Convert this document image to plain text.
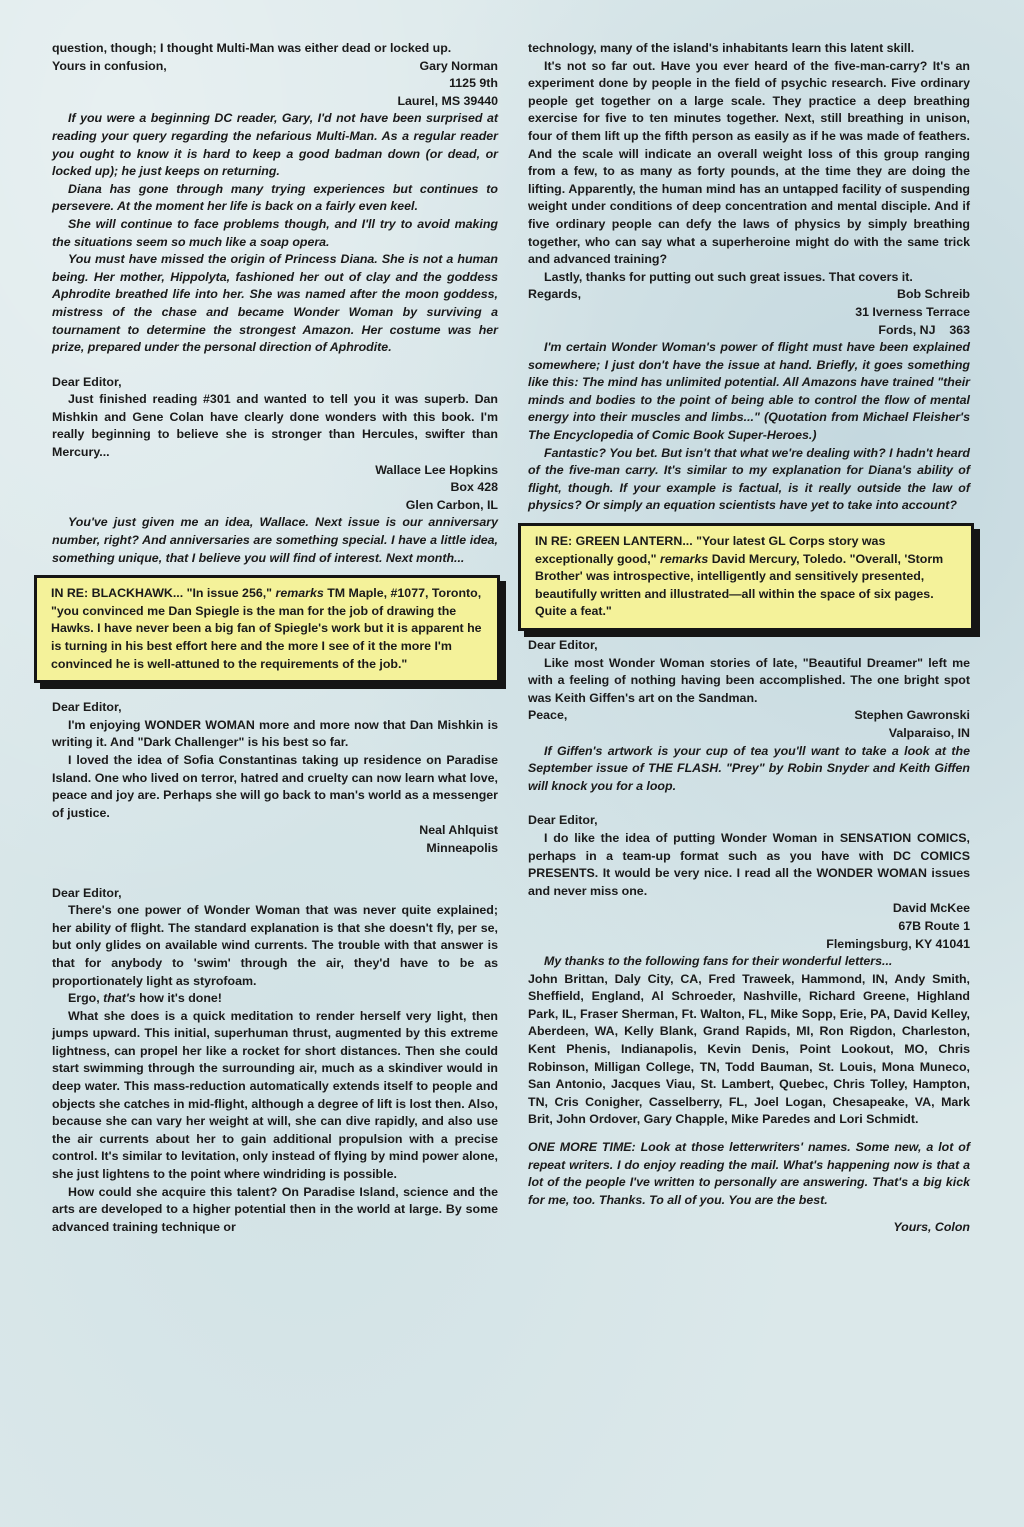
question, though; I thought Multi-Man was either dead or locked up.

Yours in confusion,	Gary Norman
1125 9th
Laurel, MS 39440

If you were a beginning DC reader, Gary, I'd not have been surprised at reading your query regarding the nefarious Multi-Man. As a regular reader you ought to know it is hard to keep a good badman down (or dead, or locked up); he just keeps on returning.

Diana has gone through many trying experiences but continues to persevere. At the moment her life is back on a fairly even keel.

She will continue to face problems though, and I'll try to avoid making the situations seem so much like a soap opera.

You must have missed the origin of Princess Diana. She is not a human being. Her mother, Hippolyta, fashioned her out of clay and the goddess Aphrodite breathed life into her. She was named after the moon goddess, mistress of the chase and became Wonder Woman by surviving a tournament to determine the strongest Amazon. Her costume was her prize, prepared under the personal direction of Aphrodite.

Dear Editor,

Just finished reading #301 and wanted to tell you it was superb. Dan Mishkin and Gene Colan have clearly done wonders with this book. I'm really beginning to believe she is stronger than Hercules, swifter than Mercury...

Wallace Lee Hopkins
Box 428
Glen Carbon, IL

You've just given me an idea, Wallace. Next issue is our anniversary number, right? And anniversaries are something special. I have a little idea, something unique, that I believe you will find of interest. Next month...

IN RE: BLACKHAWK... "In issue 256," remarks TM Maple, #1077, Toronto, "you convinced me Dan Spiegle is the man for the job of drawing the Hawks. I have never been a big fan of Spiegle's work but it is apparent he is turning in his best effort here and the more I see of it the more I'm convinced he is well-attuned to the requirements of the job."

Dear Editor,

I'm enjoying WONDER WOMAN more and more now that Dan Mishkin is writing it. And "Dark Challenger" is his best so far.

I loved the idea of Sofia Constantinas taking up residence on Paradise Island. One who lived on terror, hatred and cruelty can now learn what love, peace and joy are. Perhaps she will go back to man's world as a messenger of justice.

Neal Ahlquist
Minneapolis

Dear Editor,

There's one power of Wonder Woman that was never quite explained; her ability of flight. The standard explanation is that she doesn't fly, per se, but only glides on available wind currents. The trouble with that answer is that for anybody to 'swim' through the air, they'd have to be as proportionately light as styrofoam.

Ergo, that's how it's done!

What she does is a quick meditation to render herself very light, then jumps upward. This initial, superhuman thrust, augmented by this extreme lightness, can propel her like a rocket for short distances. Then she could start swimming through the surrounding air, much as a skindiver would in deep water. This mass-reduction automatically extends itself to people and objects she catches in mid-flight, although a degree of lift is lost then. Also, because she can vary her weight at will, she can dive rapidly, and also use the air currents about her to gain additional propulsion with a precise control. It's similar to levitation, only instead of flying by mind power alone, she just lightens to the point where windriding is possible.

How could she acquire this talent? On Paradise Island, science and the arts are developed to a higher potential then in the world at large. By some advanced training technique or

technology, many of the island's inhabitants learn this latent skill.

It's not so far out. Have you ever heard of the five-man-carry? It's an experiment done by people in the field of psychic research. Five ordinary people get together on a large scale. They practice a deep breathing exercise for five to ten minutes together. Next, still breathing in unison, four of them lift up the fifth person as easily as if he was made of feathers. And the scale will indicate an overall weight loss of this group ranging from a few, to as many as forty pounds, at the time they are doing the lifting. Apparently, the human mind has an untapped facility of suspending weight under conditions of deep concentration and mental disciple. And if five ordinary people can defy the laws of physics by simply breathing together, who can say what a superheroine might do with the same trick and advanced training?

Lastly, thanks for putting out such great issues. That covers it.

Regards,	Bob Schreib
31 Iverness Terrace
Fords, NJ 363

I'm certain Wonder Woman's power of flight must have been explained somewhere; I just don't have the issue at hand. Briefly, it goes something like this: The mind has unlimited potential. All Amazons have trained "their minds and bodies to the point of being able to control the flow of mental energy into their muscles and limbs..." (Quotation from Michael Fleisher's The Encyclopedia of Comic Book Super-Heroes.)

Fantastic? You bet. But isn't that what we're dealing with? I hadn't heard of the five-man carry. It's similar to my explanation for Diana's ability of flight, though. If your example is factual, is it really outside the law of physics? Or simply an equation scientists have yet to take into account?

IN RE: GREEN LANTERN... "Your latest GL Corps story was exceptionally good," remarks David Mercury, Toledo. "Overall, 'Storm Brother' was introspective, intelligently and sensitively presented, beautifully written and illustrated—all within the space of six pages. Quite a feat."

Dear Editor,

Like most Wonder Woman stories of late, "Beautiful Dreamer" left me with a feeling of nothing having been accomplished. The one bright spot was Keith Giffen's art on the Sandman.

Peace,	Stephen Gawronski
Valparaiso, IN

If Giffen's artwork is your cup of tea you'll want to take a look at the September issue of THE FLASH. "Prey" by Robin Snyder and Keith Giffen will knock you for a loop.

Dear Editor,

I do like the idea of putting Wonder Woman in SENSATION COMICS, perhaps in a team-up format such as you have with DC COMICS PRESENTS. It would be very nice. I read all the WONDER WOMAN issues and never miss one.

David McKee
67B Route 1
Flemingsburg, KY 41041

My thanks to the following fans for their wonderful letters...

John Brittan, Daly City, CA, Fred Traweek, Hammond, IN, Andy Smith, Sheffield, England, Al Schroeder, Nashville, Richard Greene, Highland Park, IL, Fraser Sherman, Ft. Walton, FL, Mike Sopp, Erie, PA, David Kelley, Aberdeen, WA, Kelly Blank, Grand Rapids, MI, Ron Rigdon, Charleston, Kent Phenis, Indianapolis, Kevin Denis, Point Lookout, MO, Chris Robinson, Milligan College, TN, Todd Bauman, St. Louis, Mona Muneco, San Antonio, Jacques Viau, St. Lambert, Quebec, Chris Tolley, Hampton, TN, Cris Conigher, Casselberry, FL, Joel Logan, Chesapeake, VA, Mark Brit, John Ordover, Gary Chapple, Mike Paredes and Lori Schmidt.

ONE MORE TIME: Look at those letterwriters' names. Some new, a lot of repeat writers. I do enjoy reading the mail. What's happening now is that a lot of the people I've written to personally are answering. That's a big kick for me, too. Thanks. To all of you. You are the best.

Yours, Colon
